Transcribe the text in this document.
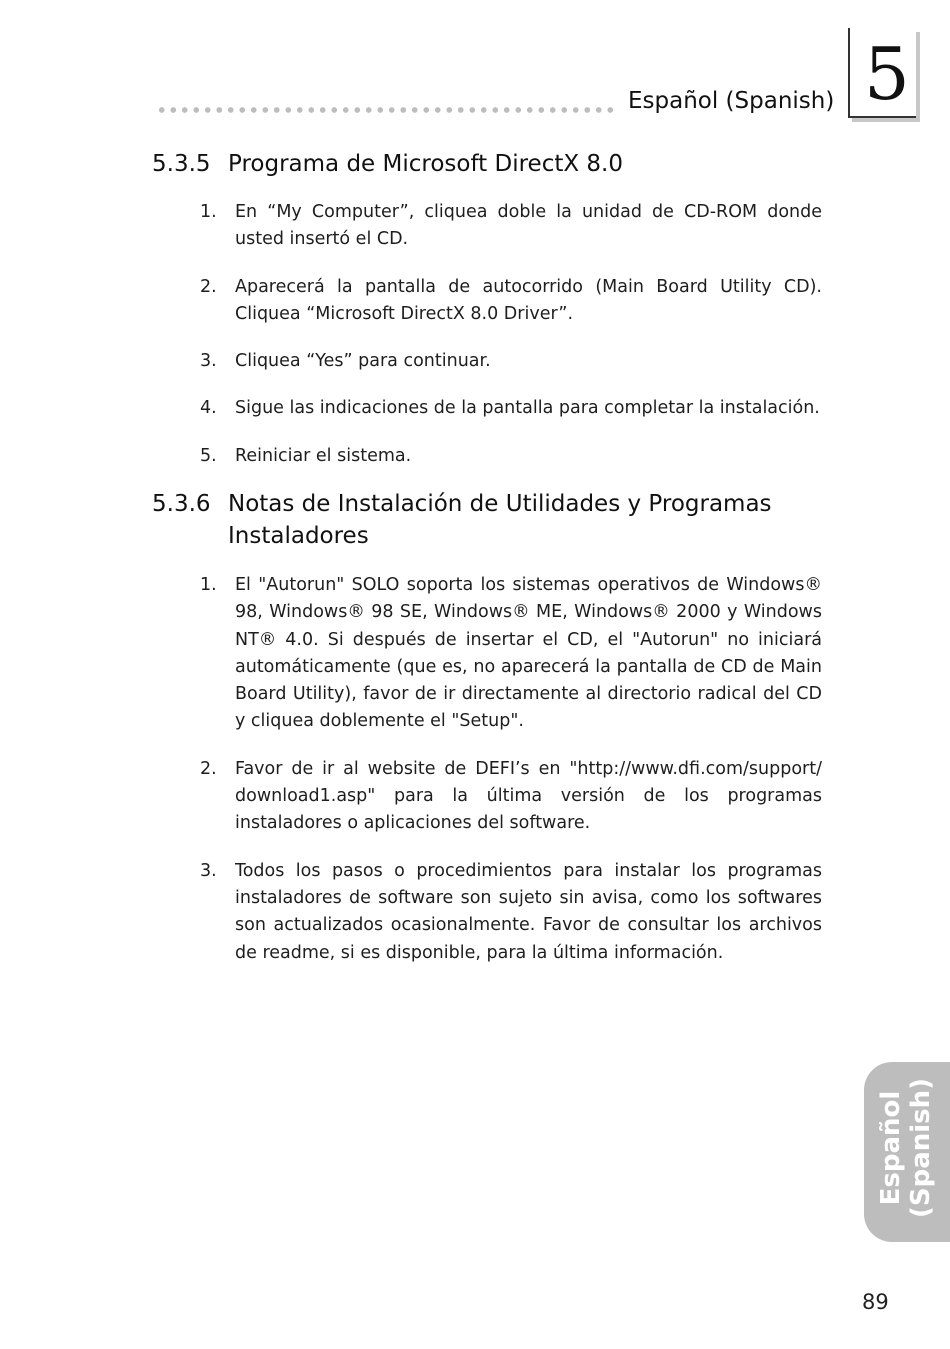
Español (Spanish) 5
5.3.5 Programa de Microsoft DirectX 8.0
1.	En “My Computer”, cliquea doble la unidad de CD-ROM donde usted insertó el CD.
2.	Aparecerá la pantalla de autocorrido (Main Board Utility CD). Cliquea “Microsoft DirectX 8.0 Driver”.
3.	Cliquea “Yes” para continuar.
4.	Sigue las indicaciones de la pantalla para completar la instalación.
5.	Reiniciar el sistema.
5.3.6 Notas de Instalación de Utilidades y Programas
Instaladores
1.	El "Autorun" SOLO soporta los sistemas operativos de Windows® 98, Windows® 98 SE, Windows® ME, Windows® 2000 y Windows NT® 4.0. Si después de insertar el CD, el "Autorun" no iniciará automáticamente (que es, no aparecerá la pantalla de CD de Main Board Utility), favor de ir directamente al directorio radical del CD y cliquea doblemente el "Setup".
2.	Favor de ir al website de DEFI’s en "http://www.dfi.com/support/ download1.asp" para la última versión de los programas instaladores o aplicaciones del software.
3.	Todos los pasos o procedimientos para instalar los programas instaladores de software son sujeto sin avisa, como los softwares son actualizados ocasionalmente. Favor de consultar los archivos de readme, si es disponible, para la última información.
Español (Spanish)
89
